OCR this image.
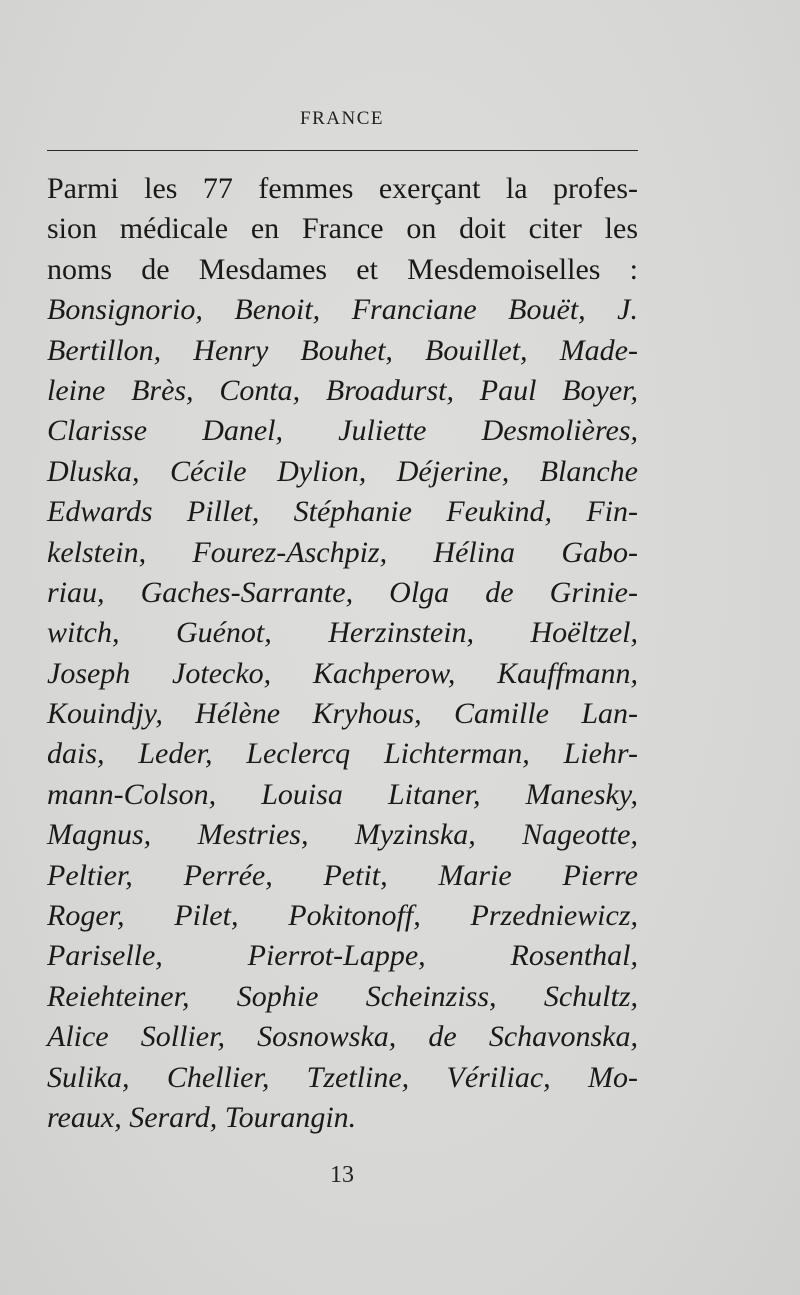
FRANCE
Parmi les 77 femmes exerçant la profes-
sion médicale en France on doit citer les
noms de Mesdames et Mesdemoiselles :
Bonsignorio, Benoit, Franciane Bouët, J.
Bertillon, Henry Bouhet, Bouillet, Made-
leine Brès, Conta, Broadurst, Paul Boyer,
Clarisse Danel, Juliette Desmolières,
Dluska, Cécile Dylion, Déjerine, Blanche
Edwards Pillet, Stéphanie Feukind, Fin-
kelstein, Fourez-Aschpiz, Hélina Gabo-
riau, Gaches-Sarrante, Olga de Grinie-
witch, Guénot, Herzinstein, Hoëltzel,
Joseph Jotecko, Kachperow, Kauffmann,
Kouindjy, Hélène Kryhous, Camille Lan-
dais, Leder, Leclercq Lichterman, Liehr-
mann-Colson, Louisa Litaner, Manesky,
Magnus, Mestries, Myzinska, Nageotte,
Peltier, Perrée, Petit, Marie Pierre
Roger, Pilet, Pokitonoff, Przedniewicz,
Pariselle, Pierrot-Lappe, Rosenthal,
Reiehteiner, Sophie Scheinziss, Schultz,
Alice Sollier, Sosnowska, de Schavonska,
Sulika, Chellier, Tzetline, Vériliac, Mo-
reaux, Serard, Tourangin.
13
